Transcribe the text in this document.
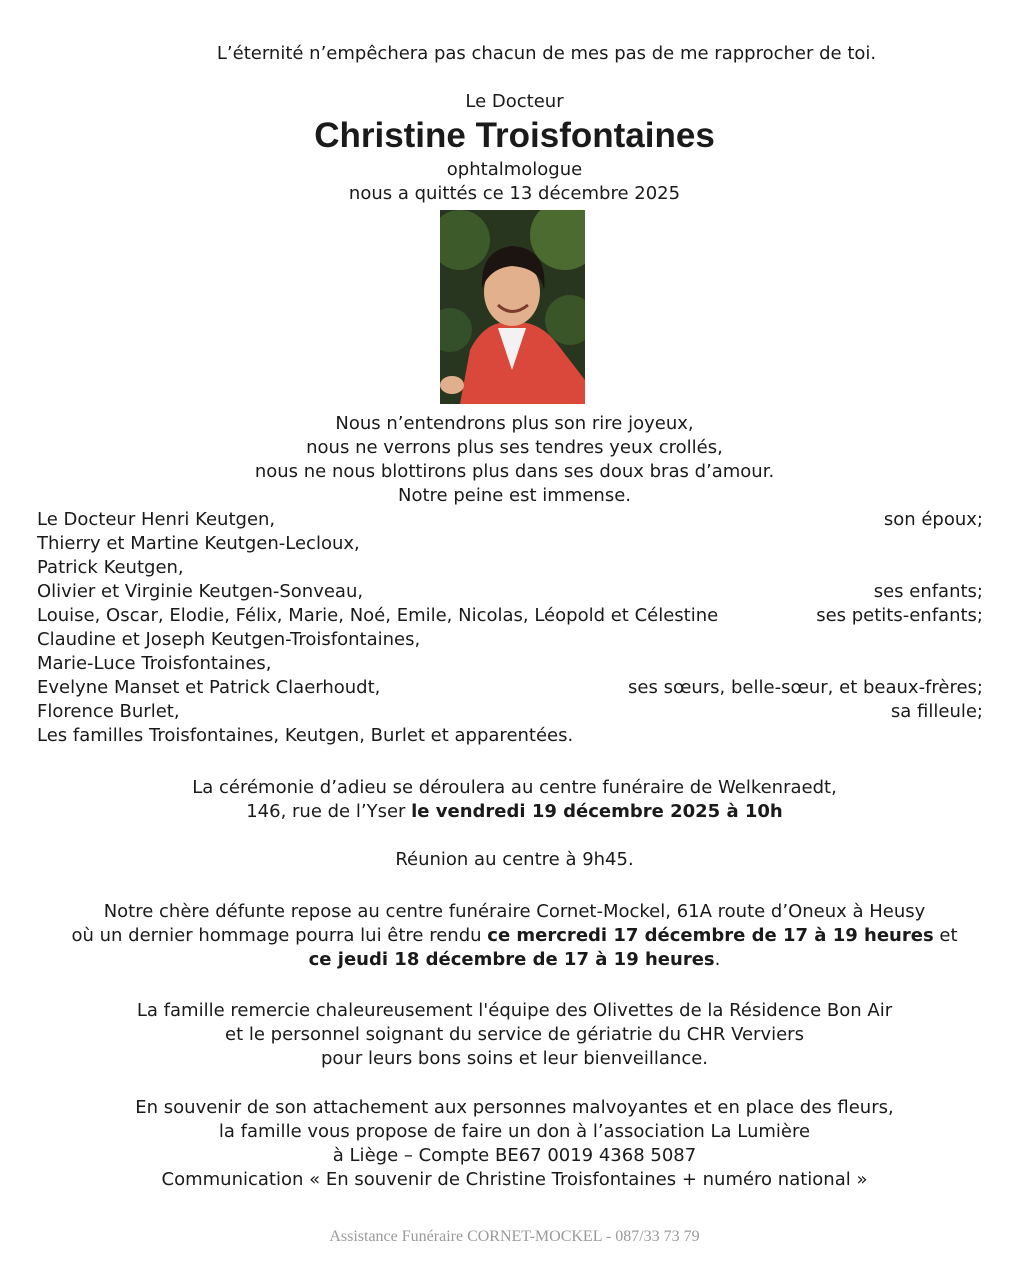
L’éternité n’empêchera pas chacun de mes pas de me rapprocher de toi.
Le Docteur
Christine Troisfontaines
ophtalmologue
nous a quittés ce 13 décembre 2025
Nous n’entendrons plus son rire joyeux,
nous ne verrons plus ses tendres yeux crollés,
nous ne nous blottirons plus dans ses doux bras d’amour.
Notre peine est immense.
Le Docteur Henri Keutgen,	son époux;
Thierry et Martine Keutgen-Lecloux,
Patrick Keutgen,
Olivier et Virginie Keutgen-Sonveau,	ses enfants;
Louise, Oscar, Elodie, Félix, Marie, Noé, Emile, Nicolas, Léopold et Célestine	ses petits-enfants;
Claudine et Joseph Keutgen-Troisfontaines,
Marie-Luce Troisfontaines,
Evelyne Manset et Patrick Claerhoudt,	ses sœurs, belle-sœur, et beaux-frères;
Florence Burlet,	sa filleule;
Les familles Troisfontaines, Keutgen, Burlet et apparentées.
La cérémonie d’adieu se déroulera au centre funéraire de Welkenraedt,
146, rue de l’Yser le vendredi 19 décembre 2025 à 10h
Réunion au centre à 9h45.
Notre chère défunte repose au centre funéraire Cornet-Mockel, 61A route d’Oneux à Heusy
où un dernier hommage pourra lui être rendu ce mercredi 17 décembre de 17 à 19 heures et
ce jeudi 18 décembre de 17 à 19 heures.
La famille remercie chaleureusement l'équipe des Olivettes de la Résidence Bon Air
et le personnel soignant du service de gériatrie du CHR Verviers
pour leurs bons soins et leur bienveillance.
En souvenir de son attachement aux personnes malvoyantes et en place des fleurs,
la famille vous propose de faire un don à l’association La Lumière
à Liège – Compte BE67 0019 4368 5087
Communication « En souvenir de Christine Troisfontaines + numéro national »
Assistance Funéraire CORNET-MOCKEL - 087/33 73 79
